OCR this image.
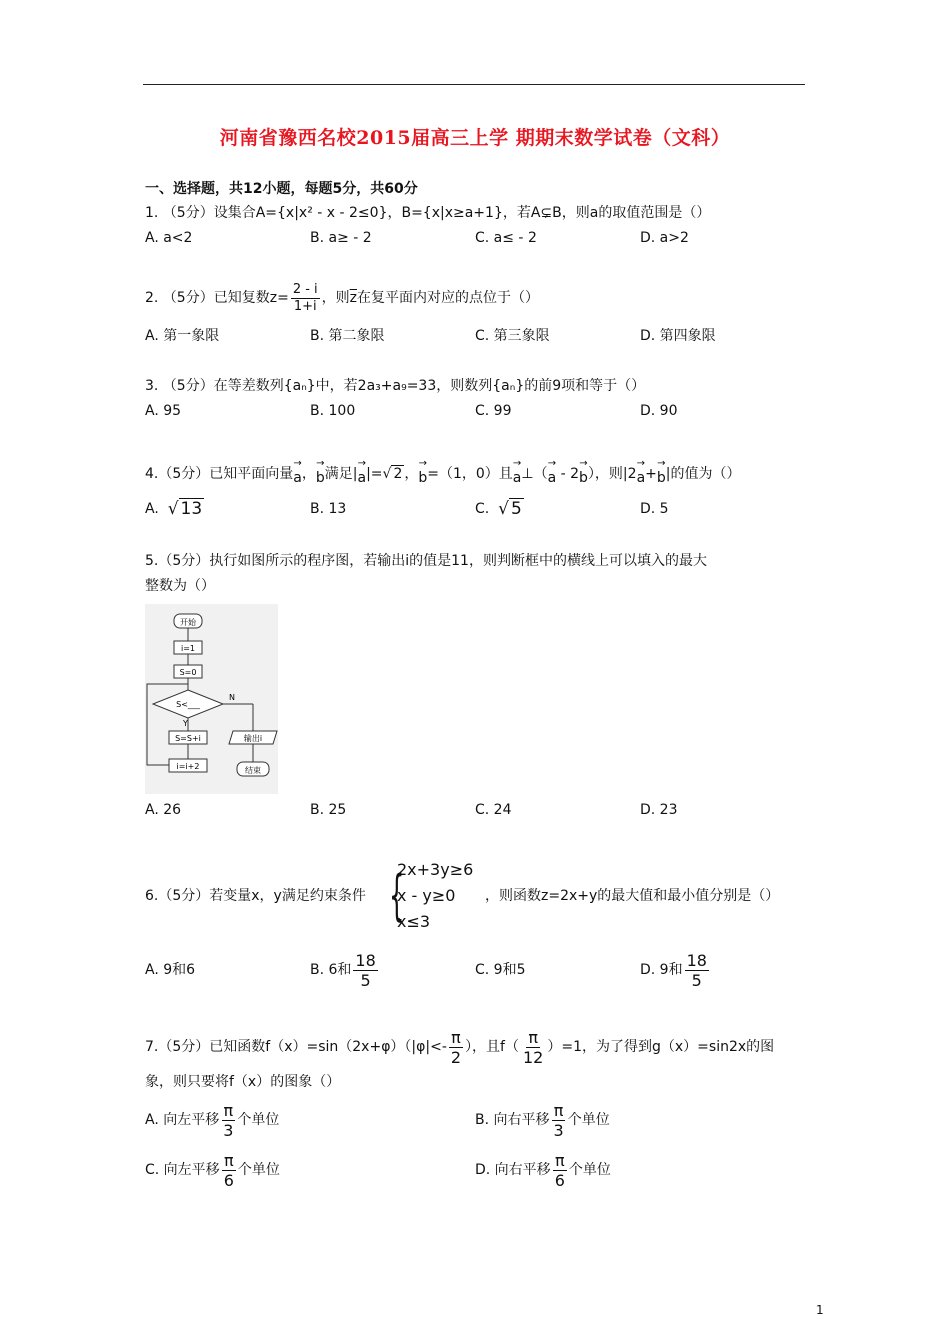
河南省豫西名校2015届高三上学 期期末数学试卷（文科）
一、选择题，共12小题，每题5分，共60分
1. （5分）设集合A={x|x² - x - 2≤0}，B={x|x≥a+1}，若A⊊B，则a的取值范围是（）
A. a<2	B. a≥ - 2	C. a≤ - 2	D. a>2
2. （5分）已知复数$z= \frac{2 - i}{1+i}$ ，则$\overline{z}$在复平面内对应的点位于（）
A. 第一象限	B. 第二象限	C. 第三象限	D. 第四象限
3. （5分）在等差数列{aₙ}中，若2a₃+a₉=33，则数列{aₙ}的前9项和等于（）
A. 95	B. 100	C. 99	D. 90
4.（5分）已知平面向量
→
a ，
→
b 满足|
→
a |=√ 2 ，
→
b =（1，0）且
→
a ⊥（
→
a - 2
→
b ），则|2
→
a +
→
b |的值为（）
A. √ 13	B. 13	C. √ 5	D. 5
5.（5分）执行如图所示的程序图，若输出i的值是11，则判断框中的横线上可以填入的最大
整数为（）
开始
i=1
S=0
S<___
Y
N
S=S+i	输出i
i=i+2	结束
A. 26	B. 25	C. 24	D. 23
6.（5分）若变量x，y满足约束条件 {
2x+3y≥6
x - y≥0
x≤3
，则函数z=2x+y的最大值和最小值分别是（）
A. 9和6	B. 6和 $\frac{18}{5}$	C. 9和5	D. 9和 $\frac{18}{5}$
7.（5分）已知函数$f(x)=\sin(2x+\varphi)(|\varphi|<- \frac{\pi}{2}$ ），且$f( \frac{\pi}{12} )=1$，为了得到g（x）=sin2x的图
象，则只要将f（x）的图象（）
A. 向左平移 $\frac{\pi}{3}$ 个单位	B. 向右平移 $\frac{\pi}{3}$ 个单位
C. 向左平移 $\frac{\pi}{6}$ 个单位	D. 向右平移 $\frac{\pi}{6}$ 个单位
1
